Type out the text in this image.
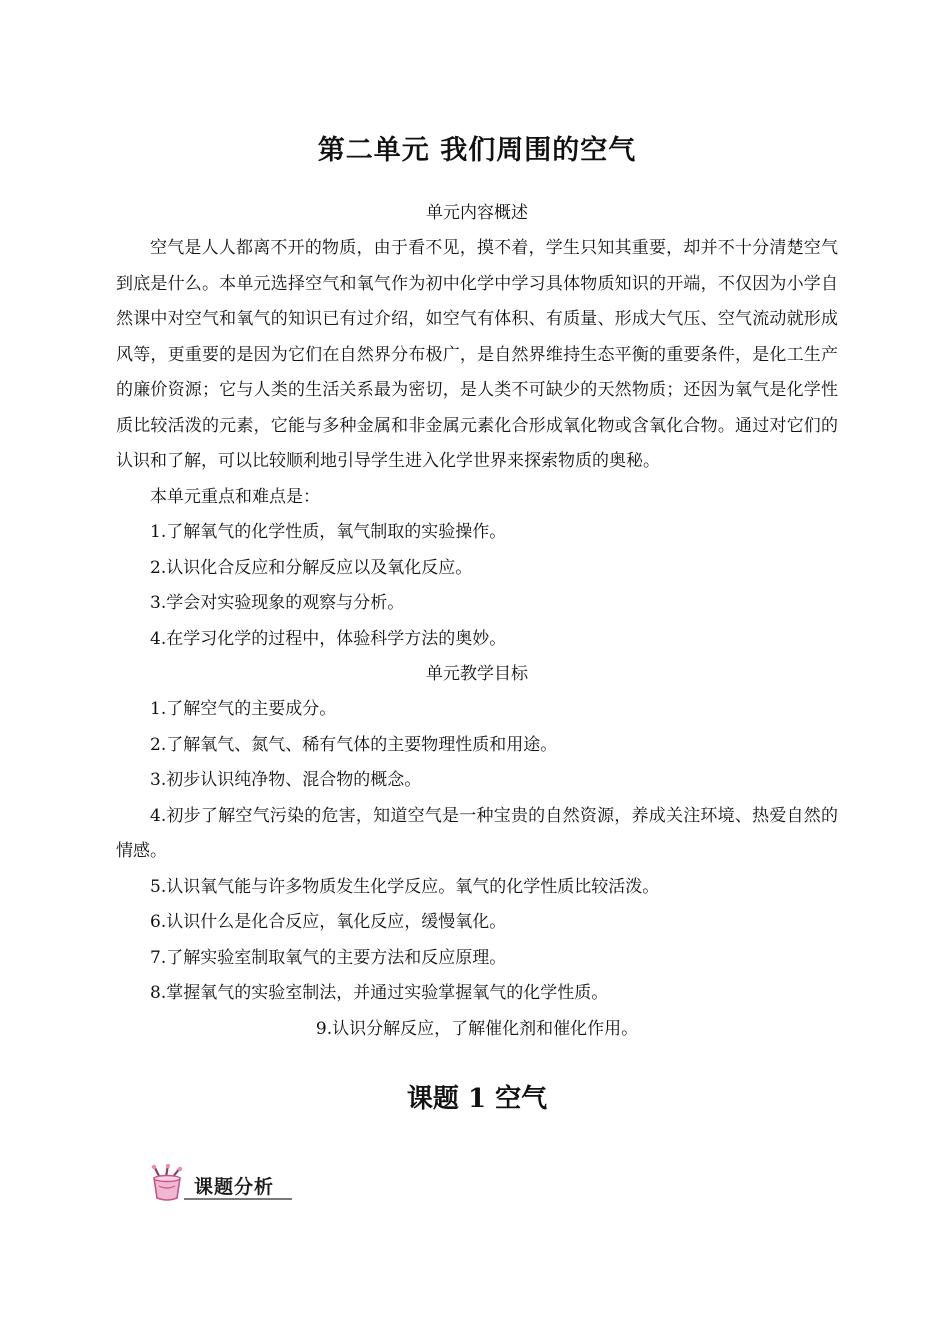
第二单元 我们周围的空气

单元内容概述

空气是人人都离不开的物质，由于看不见，摸不着，学生只知其重要，却并不十分清楚空气到底是什么。本单元选择空气和氧气作为初中化学中学习具体物质知识的开端，不仅因为小学自然课中对空气和氧气的知识已有过介绍，如空气有体积、有质量、形成大气压、空气流动就形成风等，更重要的是因为它们在自然界分布极广，是自然界维持生态平衡的重要条件，是化工生产的廉价资源；它与人类的生活关系最为密切，是人类不可缺少的天然物质；还因为氧气是化学性质比较活泼的元素，它能与多种金属和非金属元素化合形成氧化物或含氧化合物。通过对它们的认识和了解，可以比较顺利地引导学生进入化学世界来探索物质的奥秘。

本单元重点和难点是：

1.了解氧气的化学性质，氧气制取的实验操作。

2.认识化合反应和分解反应以及氧化反应。

3.学会对实验现象的观察与分析。

4.在学习化学的过程中，体验科学方法的奥妙。

单元教学目标

1.了解空气的主要成分。

2.了解氧气、氮气、稀有气体的主要物理性质和用途。

3.初步认识纯净物、混合物的概念。

4.初步了解空气污染的危害，知道空气是一种宝贵的自然资源，养成关注环境、热爱自然的情感。

5.认识氧气能与许多物质发生化学反应。氧气的化学性质比较活泼。

6.认识什么是化合反应，氧化反应，缓慢氧化。

7.了解实验室制取氧气的主要方法和反应原理。

8.掌握氧气的实验室制法，并通过实验掌握氧气的化学性质。

9.认识分解反应，了解催化剂和催化作用。

课题 1 空气
课题分析
